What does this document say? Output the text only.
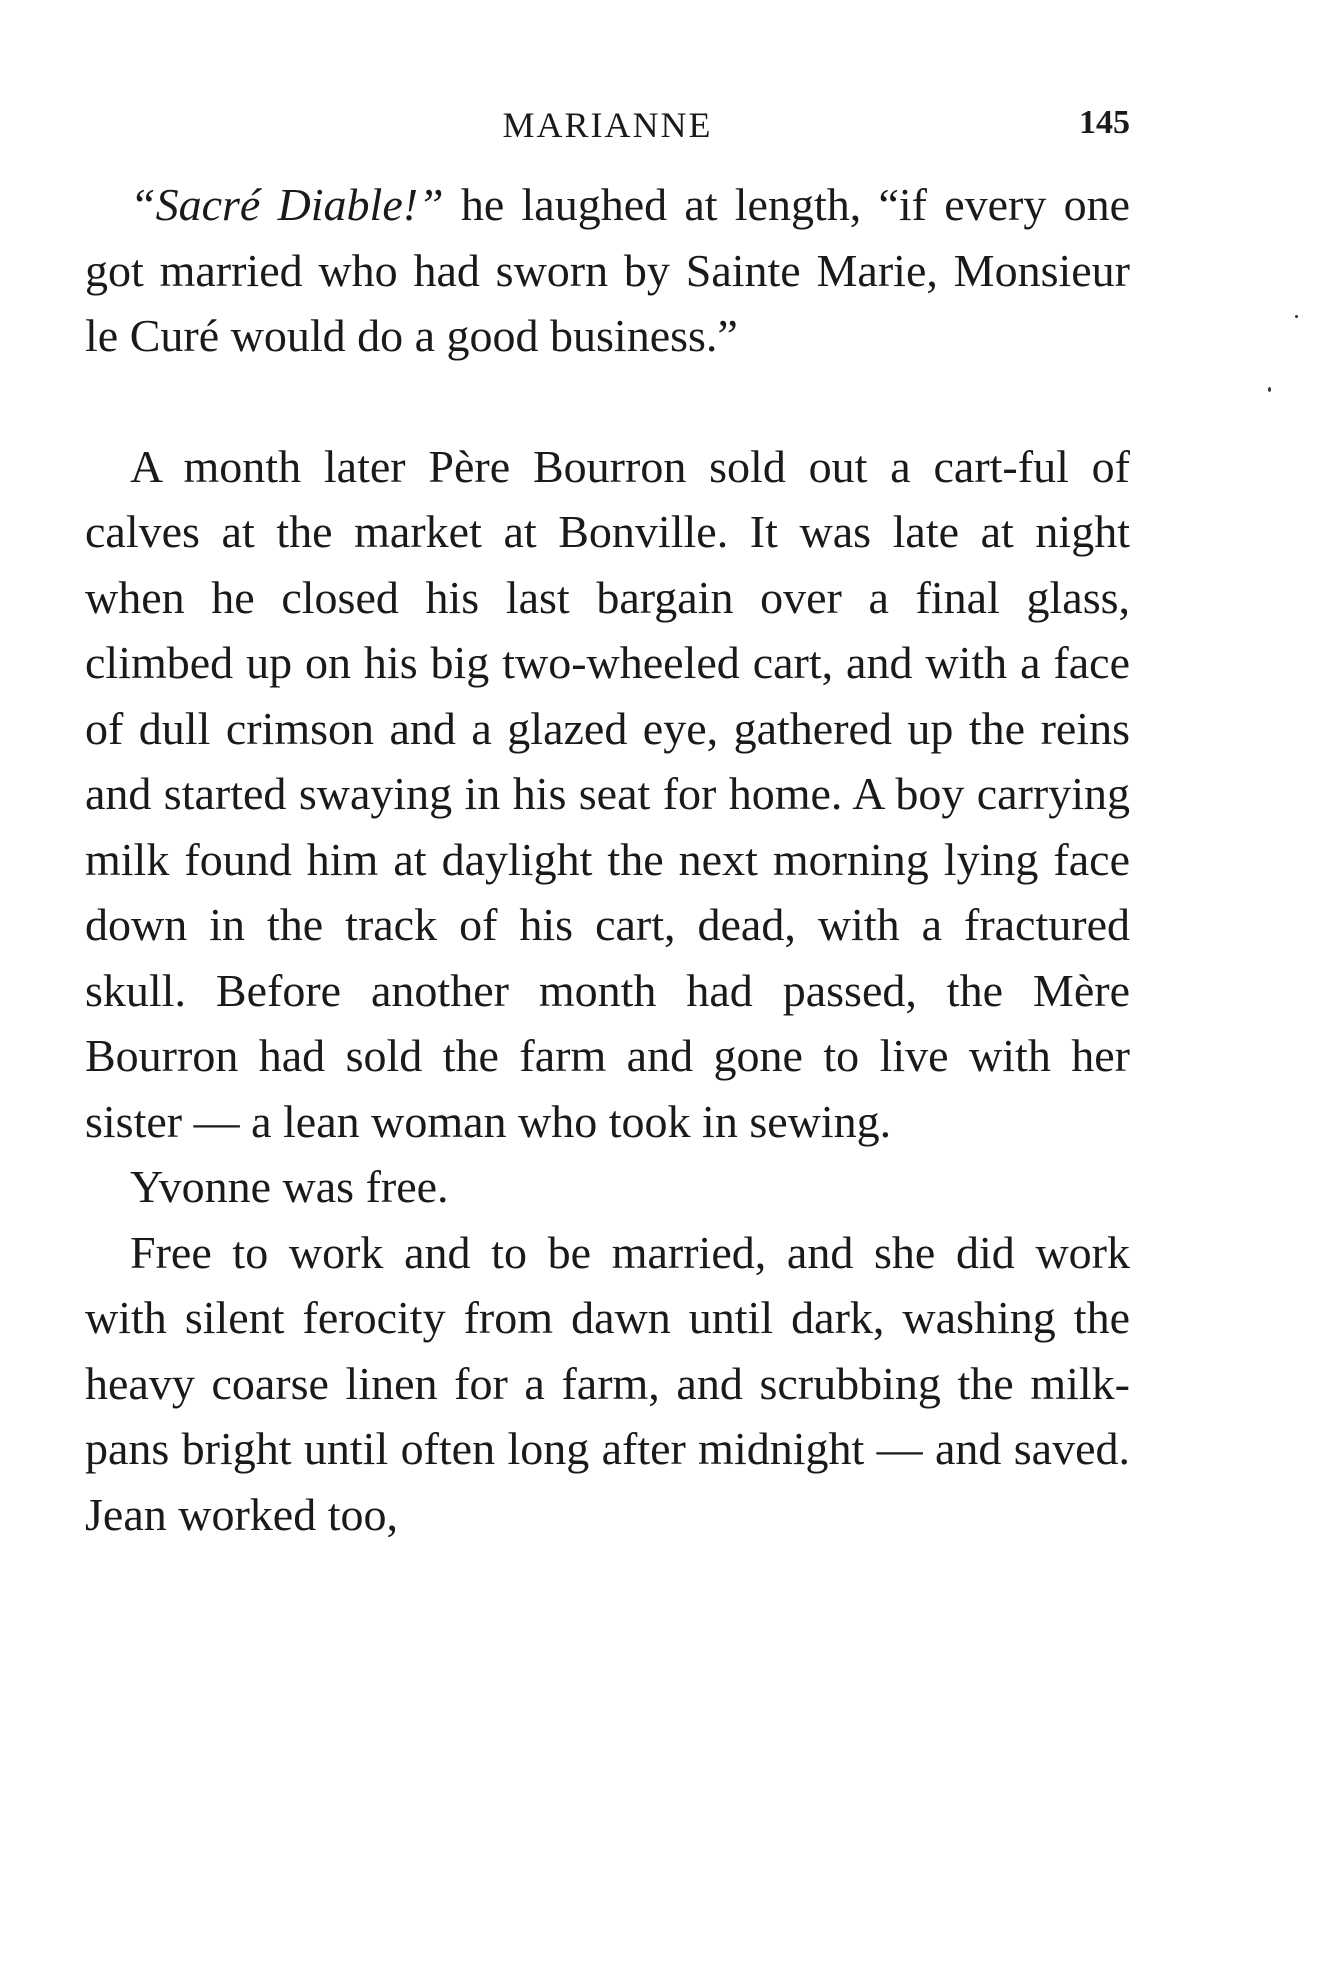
MARIANNE	145

“Sacré Diable!” he laughed at length, “if every one got married who had sworn by Sainte Marie, Monsieur le Curé would do a good business.”

A month later Père Bourron sold out a cart-ful of calves at the market at Bonville. It was late at night when he closed his last bargain over a final glass, climbed up on his big two-wheeled cart, and with a face of dull crimson and a glazed eye, gathered up the reins and started swaying in his seat for home. A boy carrying milk found him at daylight the next morning lying face down in the track of his cart, dead, with a fractured skull. Before another month had passed, the Mère Bourron had sold the farm and gone to live with her sister — a lean woman who took in sewing.

Yvonne was free.

Free to work and to be married, and she did work with silent ferocity from dawn until dark, washing the heavy coarse linen for a farm, and scrubbing the milk-pans bright until often long after midnight — and saved. Jean worked too,
